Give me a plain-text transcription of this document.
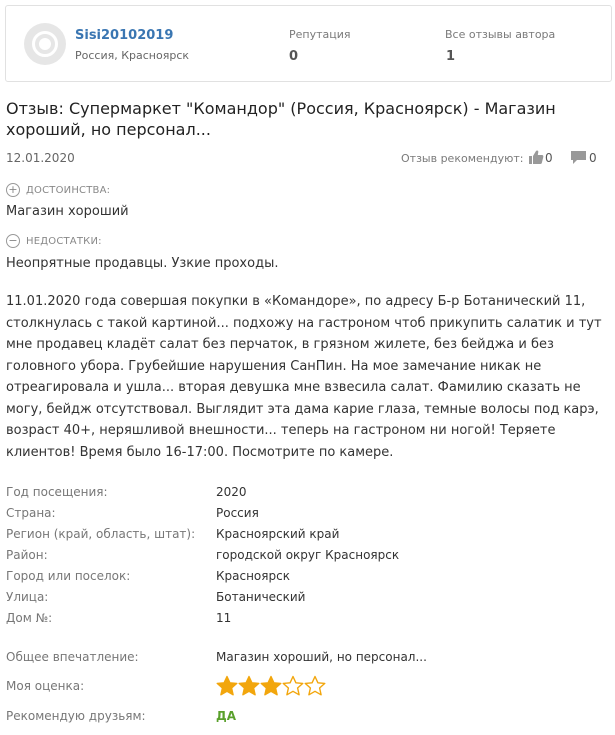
Sisi20102019
Россия, Красноярск
Репутация
0
Все отзывы автора
1
Отзыв: Супермаркет "Командор" (Россия, Красноярск) - Магазин хороший, но персонал...
12.01.2020	Отзыв рекомендуют: 0	0
+ ДОСТОИНСТВА:
Магазин хороший
− НЕДОСТАТКИ:
Неопрятные продавцы. Узкие проходы.

11.01.2020 года совершая покупки в «Командоре», по адресу Б-р Ботанический 11, столкнулась с такой картиной... подхожу на гастроном чтоб прикупить салатик и тут мне продавец кладёт салат без перчаток, в грязном жилете, без бейджа и без головного убора. Грубейшие нарушения СанПин. На мое замечание никак не отреагировала и ушла... вторая девушка мне взвесила салат. Фамилию сказать не могу, бейдж отсутствовал. Выглядит эта дама карие глаза, темные волосы под карэ, возраст 40+, неряшливой внешности... теперь на гастроном ни ногой! Теряете клиентов! Время было 16-17:00. Посмотрите по камере.

Год посещения:	2020
Страна:	Россия
Регион (край, область, штат): Красноярский край
Район:	городской округ Красноярск
Город или поселок:	Красноярск
Улица:	Ботанический
Дом №:	11
Общее впечатление:	Магазин хороший, но персонал...
Моя оценка:
Рекомендую друзьям:	ДА
